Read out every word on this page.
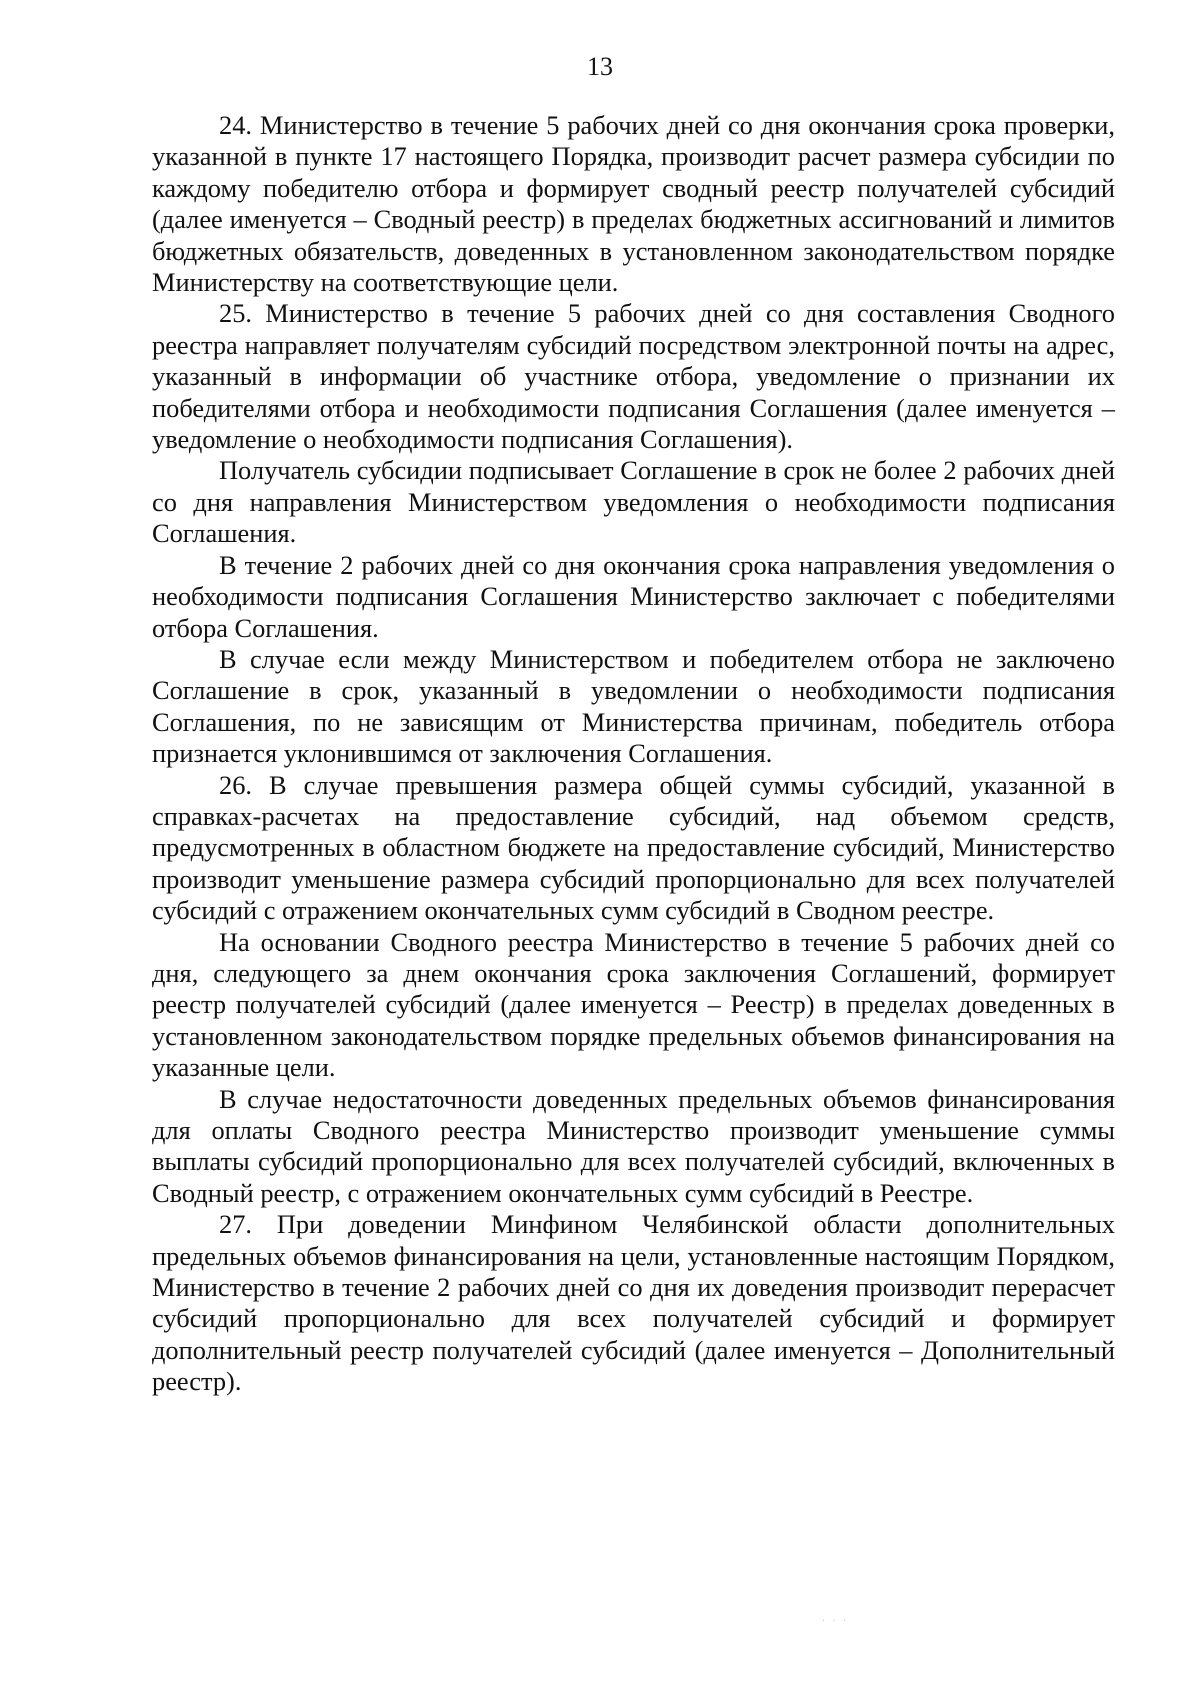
13

24. Министерство в течение 5 рабочих дней со дня окончания срока проверки, указанной в пункте 17 настоящего Порядка, производит расчет размера субсидии по каждому победителю отбора и формирует сводный реестр получателей субсидий (далее именуется – Сводный реестр) в пределах бюджетных ассигнований и лимитов бюджетных обязательств, доведенных в установленном законодательством порядке Министерству на соответствующие цели.

25. Министерство в течение 5 рабочих дней со дня составления Сводного реестра направляет получателям субсидий посредством электронной почты на адрес, указанный в информации об участнике отбора, уведомление о признании их победителями отбора и необходимости подписания Соглашения (далее именуется – уведомление о необходимости подписания Соглашения).

Получатель субсидии подписывает Соглашение в срок не более 2 рабочих дней со дня направления Министерством уведомления о необходимости подписания Соглашения.

В течение 2 рабочих дней со дня окончания срока направления уведомления о необходимости подписания Соглашения Министерство заключает с победителями отбора Соглашения.

В случае если между Министерством и победителем отбора не заключено Соглашение в срок, указанный в уведомлении о необходимости подписания Соглашения, по не зависящим от Министерства причинам, победитель отбора признается уклонившимся от заключения Соглашения.

26. В случае превышения размера общей суммы субсидий, указанной в справках-расчетах на предоставление субсидий, над объемом средств, предусмотренных в областном бюджете на предоставление субсидий, Министерство производит уменьшение размера субсидий пропорционально для всех получателей субсидий с отражением окончательных сумм субсидий в Сводном реестре.

На основании Сводного реестра Министерство в течение 5 рабочих дней со дня, следующего за днем окончания срока заключения Соглашений, формирует реестр получателей субсидий (далее именуется – Реестр) в пределах доведенных в установленном законодательством порядке предельных объемов финансирования на указанные цели.

В случае недостаточности доведенных предельных объемов финансирования для оплаты Сводного реестра Министерство производит уменьшение суммы выплаты субсидий пропорционально для всех получателей субсидий, включенных в Сводный реестр, с отражением окончательных сумм субсидий в Реестре.

27. При доведении Минфином Челябинской области дополнительных предельных объемов финансирования на цели, установленные настоящим Порядком, Министерство в течение 2 рабочих дней со дня их доведения производит перерасчет субсидий пропорционально для всех получателей субсидий и формирует дополнительный реестр получателей субсидий (далее именуется – Дополнительный реестр).

· · ·
